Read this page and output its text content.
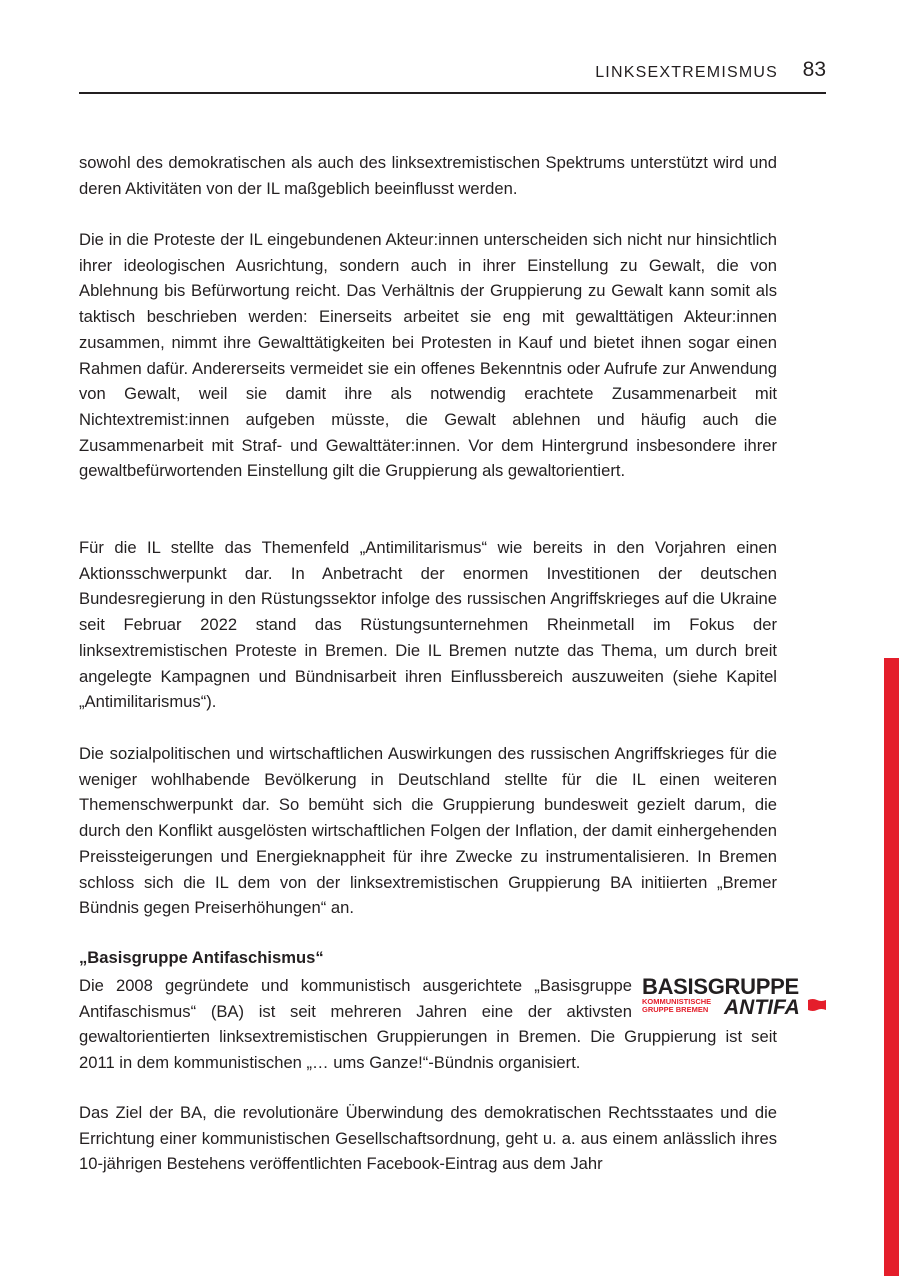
LINKSEXTREMISMUS 83

sowohl des demokratischen als auch des linksextremistischen Spektrums unterstützt wird und deren Aktivitäten von der IL maßgeblich beeinflusst werden.

Die in die Proteste der IL eingebundenen Akteur:innen unterscheiden sich nicht nur hinsichtlich ihrer ideologischen Ausrichtung, sondern auch in ihrer Einstellung zu Gewalt, die von Ablehnung bis Befürwortung reicht. Das Verhältnis der Gruppierung zu Gewalt kann somit als taktisch beschrieben werden: Einerseits arbeitet sie eng mit gewalttätigen Akteur:innen zusammen, nimmt ihre Gewalttätigkeiten bei Protesten in Kauf und bietet ihnen sogar einen Rahmen dafür. Andererseits vermeidet sie ein offenes Bekenntnis oder Aufrufe zur Anwendung von Gewalt, weil sie damit ihre als notwendig erachtete Zusammenarbeit mit Nichtextremist:innen aufgeben müsste, die Gewalt ablehnen und häufig auch die Zusammenarbeit mit Straf- und Gewalttäter:innen. Vor dem Hintergrund insbesondere ihrer gewaltbefürwortenden Einstellung gilt die Gruppierung als gewaltorientiert.

Für die IL stellte das Themenfeld „Antimilitarismus“ wie bereits in den Vorjahren einen Aktionsschwerpunkt dar. In Anbetracht der enormen Investitionen der deutschen Bundesregierung in den Rüstungssektor infolge des russischen Angriffskrieges auf die Ukraine seit Februar 2022 stand das Rüstungsunternehmen Rheinmetall im Fokus der linksextremistischen Proteste in Bremen. Die IL Bremen nutzte das Thema, um durch breit angelegte Kampagnen und Bündnisarbeit ihren Einflussbereich auszuweiten (siehe Kapitel „Antimilitarismus“).

Die sozialpolitischen und wirtschaftlichen Auswirkungen des russischen Angriffskrieges für die weniger wohlhabende Bevölkerung in Deutschland stellte für die IL einen weiteren Themenschwerpunkt dar. So bemüht sich die Gruppierung bundesweit gezielt darum, die durch den Konflikt ausgelösten wirtschaftlichen Folgen der Inflation, der damit einhergehenden Preissteigerungen und Energieknappheit für ihre Zwecke zu instrumentalisieren. In Bremen schloss sich die IL dem von der linksextremistischen Gruppierung BA initiierten „Bremer Bündnis gegen Preiserhöhungen“ an.

„Basisgruppe Antifaschismus“
BASISGRUPPE
KOMMUNISTISCHE
GRUPPE BREMEN ANTIFA
Die 2008 gegründete und kommunistisch ausgerichtete „Basisgruppe Antifaschismus“ (BA) ist seit mehreren Jahren eine der aktivsten gewaltorientierten linksextremistischen Gruppierungen in Bremen. Die Gruppierung ist seit 2011 in dem kommunistischen „… ums Ganze!“-Bündnis organisiert.

Das Ziel der BA, die revolutionäre Überwindung des demokratischen Rechtsstaates und die Errichtung einer kommunistischen Gesellschaftsordnung, geht u. a. aus einem anlässlich ihres 10-jährigen Bestehens veröffentlichten Facebook-Eintrag aus dem Jahr
